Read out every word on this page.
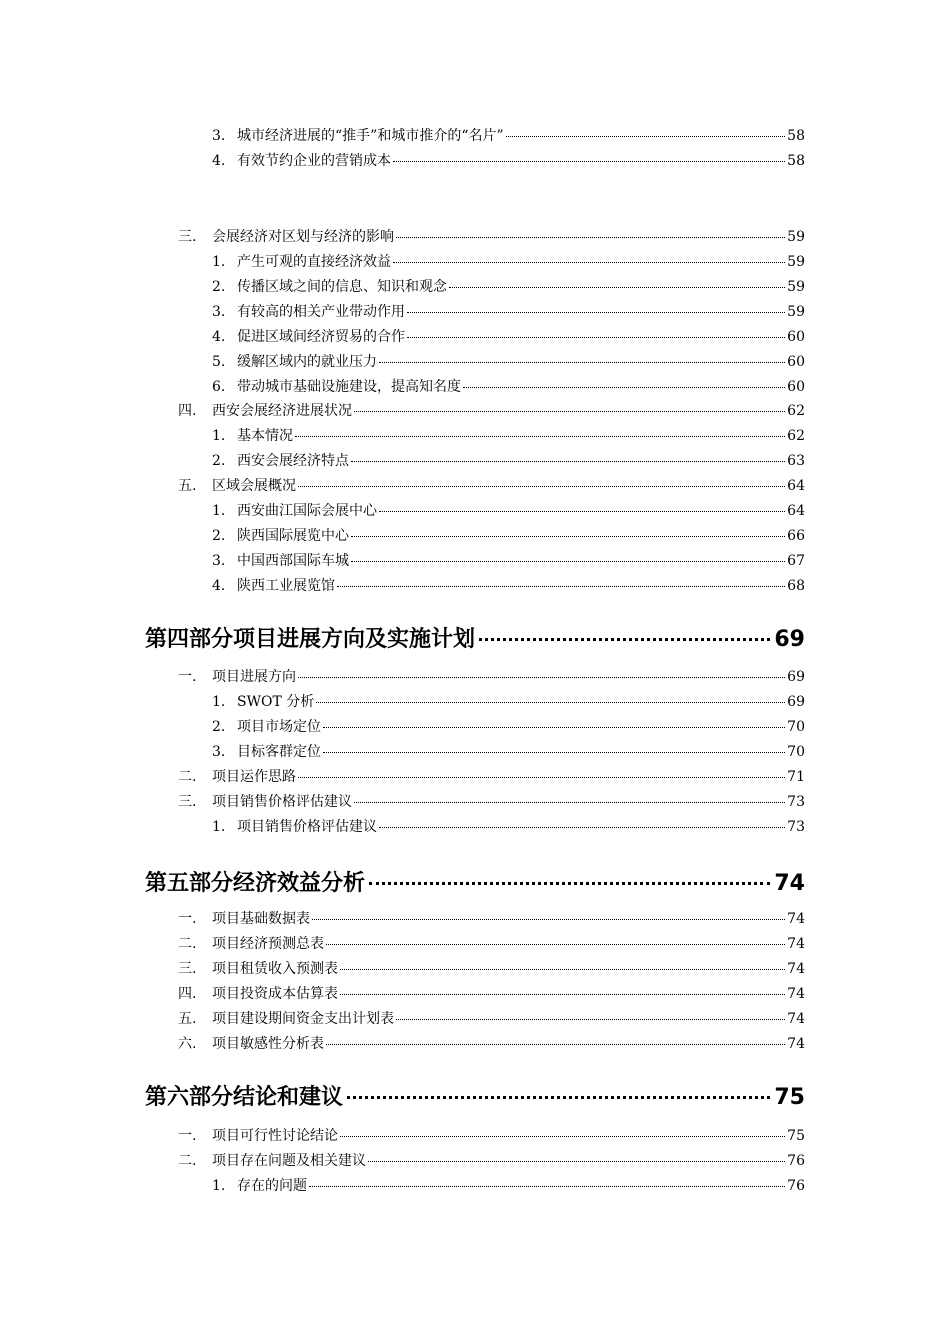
3. 城市经济进展的“推手”和城市推介的“名片”	58
4. 有效节约企业的营销成本	58
三.	会展经济对区划与经济的影响	59
1. 产生可观的直接经济效益	59
2. 传播区域之间的信息、知识和观念	59
3. 有较高的相关产业带动作用	59
4. 促进区域间经济贸易的合作	60
5. 缓解区域内的就业压力	60
6. 带动城市基础设施建设，提高知名度	60
四.	西安会展经济进展状况	62
1. 基本情况	62
2. 西安会展经济特点	63
五.	区域会展概况	64
1. 西安曲江国际会展中心	64
2. 陕西国际展览中心	66
3. 中国西部国际车城	67
4. 陕西工业展览馆	68
第四部分 项目进展方向及实施计划	69
一.	项目进展方向	69
1. SWOT 分析	69
2． 项目市场定位	70
3． 目标客群定位	70
二.	项目运作思路	71
三.	项目销售价格评估建议	73
1. 项目销售价格评估建议	73
第五部分 经济效益分析	74
一.	项目基础数据表	74
二.	项目经济预测总表	74
三.	项目租赁收入预测表	74
四.	项目投资成本估算表	74
五.	项目建设期间资金支出计划表	74
六.	项目敏感性分析表	74
第六部分 结论和建议	75
一.	项目可行性讨论结论	75
二.	项目存在问题及相关建议	76
1. 存在的问题	76
